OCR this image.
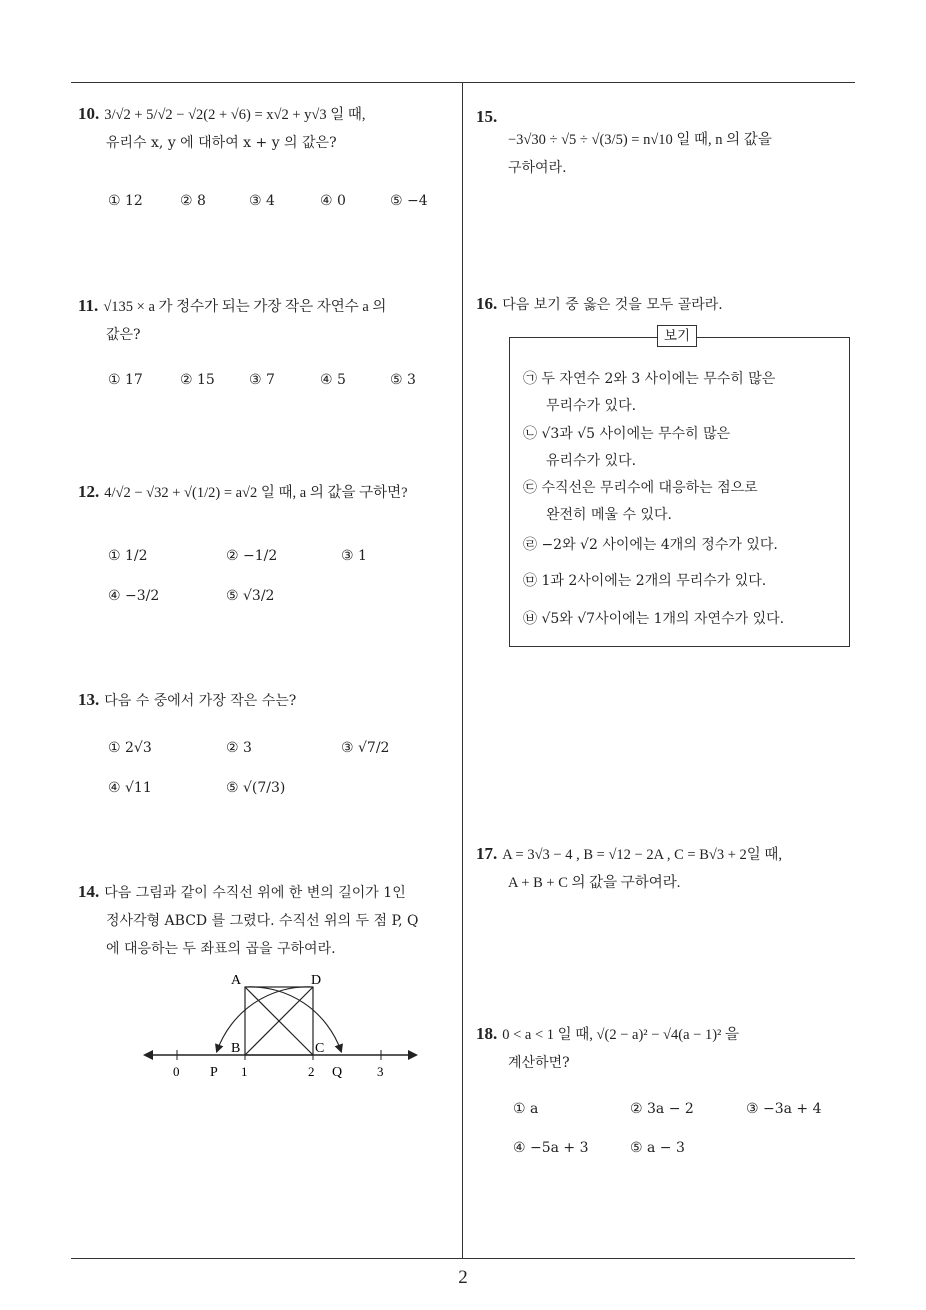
10. 3/√2 + 5/√2 − √2(2 + √6) = x√2 + y√3 일 때,
유리수 x, y 에 대하여 x + y 의 값은?
① 12	② 8	③ 4	④ 0	⑤ −4
11. √135 × a 가 정수가 되는 가장 작은 자연수 a 의
값은?
① 17	② 15 ③ 7	④ 5	⑤ 3
12. 4/√2 − √32 + √(1/2) = a√2 일 때, a 의 값을 구하면?
① 1/2	② −1/2	③ 1
④ −3/2	⑤ √3/2
13. 다음 수 중에서 가장 작은 수는?
① 2√3	② 3	③ √7/2
④ √11	⑤ √(7/3)
14. 다음 그림과 같이 수직선 위에 한 변의 길이가 1인
정사각형 ABCD 를 그렸다. 수직선 위의 두 점 P, Q
에 대응하는 두 좌표의 곱을 구하여라.
A	D
B	C
0 P 1	2 Q	3
15.
−3√30 ÷ √5 ÷ √(3/5) = n√10 일 때, n 의 값을
구하여라.
16. 다음 보기 중 옳은 것을 모두 골라라.
보기
㉠ 두 자연수 2와 3 사이에는 무수히 많은
무리수가 있다.
㉡ √3과 √5 사이에는 무수히 많은
유리수가 있다.
㉢ 수직선은 무리수에 대응하는 점으로
완전히 메울 수 있다.
㉣ −2와 √2 사이에는 4개의 정수가 있다.
㉤ 1과 2사이에는 2개의 무리수가 있다.
㉥ √5와 √7사이에는 1개의 자연수가 있다.
17. A = 3√3 − 4 , B = √12 − 2A , C = B√3 + 2일 때,
A + B + C 의 값을 구하여라.
18. 0 < a < 1 일 때, √(2 − a)² − √4(a − 1)² 을
계산하면?
① a	② 3a − 2	③ −3a + 4
④ −5a + 3	⑤ a − 3
2
